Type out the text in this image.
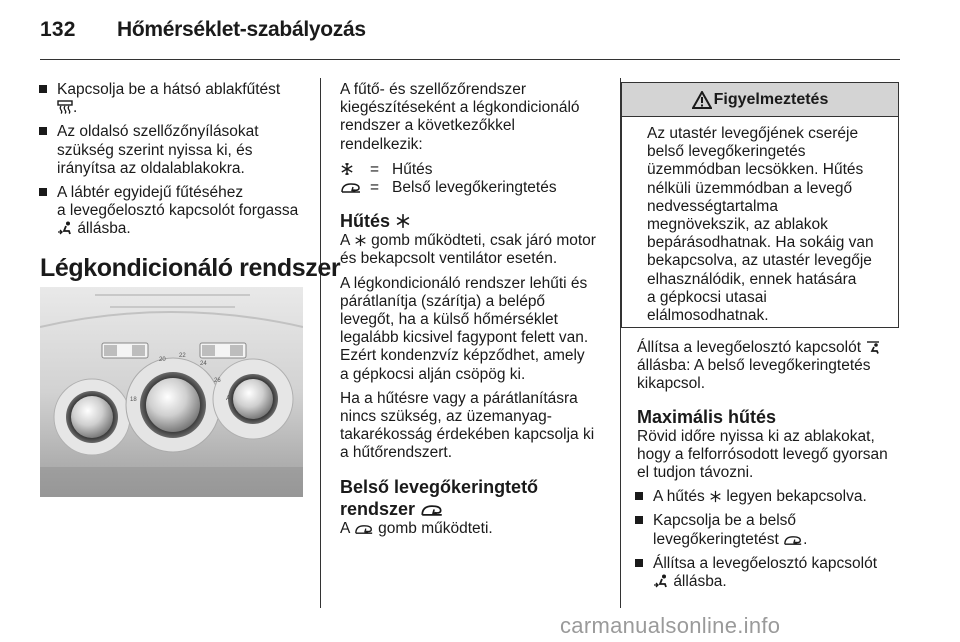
132 Hőmérséklet-szabályozás
Kapcsolja be a hátsó ablakfűtést
.
Az oldalsó szellőzőnyílásokat
szükség szerint nyissa ki, és
irányítsa az oldalablakokra.
A lábtér egyidejű fűtéséhez
a levegőelosztó kapcsolót forgassa
állásba.
Légkondicionáló rendszer
20
22
24
26
18	A
A fűtő- és szellőzőrendszer
kiegészítéseként a légkondicionáló
rendszer a következőkkel
rendelkezik:
= Hűtés
= Belső levegőkeringtetés
Hűtés
A gomb működteti, csak járó motor
és bekapcsolt ventilátor esetén.
A légkondicionáló rendszer lehűti és
párátlanítja (szárítja) a belépő
levegőt, ha a külső hőmérséklet
legalább kicsivel fagypont felett van.
Ezért kondenzvíz képződhet, amely
a gépkocsi alján csöpög ki.
Ha a hűtésre vagy a párátlanításra
nincs szükség, az üzemanyag-
takarékosság érdekében kapcsolja ki
a hűtőrendszert.
Belső levegőkeringtető
rendszer
A gomb működteti.
Figyelmeztetés
Az utastér levegőjének cseréje
belső levegőkeringetés
üzemmódban lecsökken. Hűtés
nélküli üzemmódban a levegő
nedvességtartalma
megnövekszik, az ablakok
bepárásodhatnak. Ha sokáig van
bekapcsolva, az utastér levegője
elhasználódik, ennek hatására
a gépkocsi utasai
elálmosodhatnak.
Állítsa a levegőelosztó kapcsolót
állásba: A belső levegőkeringtetés
kikapcsol.
Maximális hűtés
Rövid időre nyissa ki az ablakokat,
hogy a felforrósodott levegő gyorsan
el tudjon távozni.
A hűtés legyen bekapcsolva.
Kapcsolja be a belső
levegőkeringtetést .
Állítsa a levegőelosztó kapcsolót
állásba.
carmanualsonline.info
